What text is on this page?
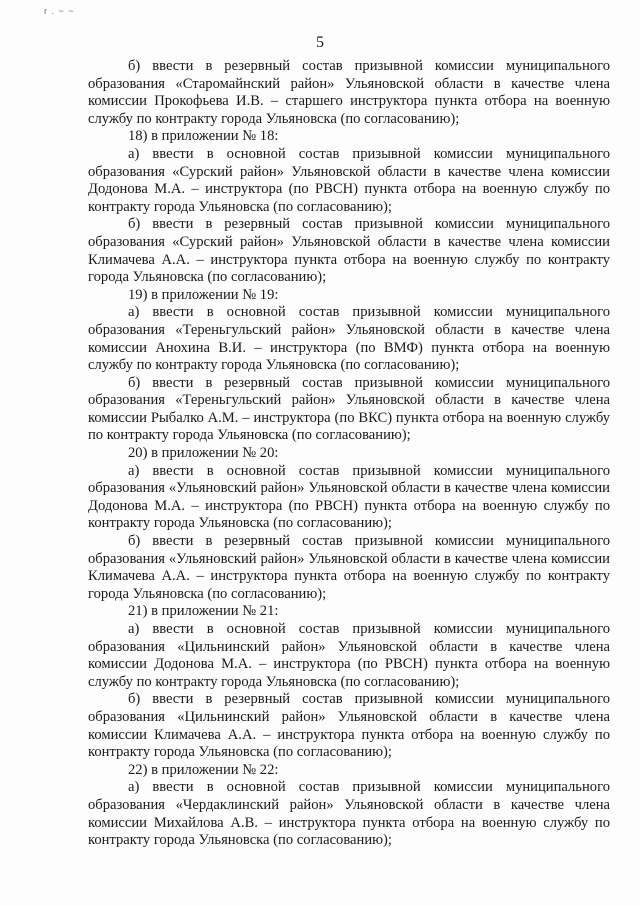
r . ~ ~
5

б) ввести в резервный состав призывной комиссии муниципального образования «Старомайнский район» Ульяновской области в качестве члена комиссии Прокофьева И.В. – старшего инструктора пункта отбора на военную службу по контракту города Ульяновска (по согласованию);

18) в приложении № 18:

а) ввести в основной состав призывной комиссии муниципального образования «Сурский район» Ульяновской области в качестве члена комиссии Додонова М.А. – инструктора (по РВСН) пункта отбора на военную службу по контракту города Ульяновска (по согласованию);

б) ввести в резервный состав призывной комиссии муниципального образования «Сурский район» Ульяновской области в качестве члена комиссии Климачева А.А. – инструктора пункта отбора на военную службу по контракту города Ульяновска (по согласованию);

19) в приложении № 19:

а) ввести в основной состав призывной комиссии муниципального образования «Тереньгульский район» Ульяновской области в качестве члена комиссии Анохина В.И. – инструктора (по ВМФ) пункта отбора на военную службу по контракту города Ульяновска (по согласованию);

б) ввести в резервный состав призывной комиссии муниципального образования «Тереньгульский район» Ульяновской области в качестве члена комиссии Рыбалко А.М. – инструктора (по ВКС) пункта отбора на военную службу по контракту города Ульяновска (по согласованию);

20) в приложении № 20:

а) ввести в основной состав призывной комиссии муниципального образования «Ульяновский район» Ульяновской области в качестве члена комиссии Додонова М.А. – инструктора (по РВСН) пункта отбора на военную службу по контракту города Ульяновска (по согласованию);

б) ввести в резервный состав призывной комиссии муниципального образования «Ульяновский район» Ульяновской области в качестве члена комиссии Климачева А.А. – инструктора пункта отбора на военную службу по контракту города Ульяновска (по согласованию);

21) в приложении № 21:

а) ввести в основной состав призывной комиссии муниципального образования «Цильнинский район» Ульяновской области в качестве члена комиссии Додонова М.А. – инструктора (по РВСН) пункта отбора на военную службу по контракту города Ульяновска (по согласованию);

б) ввести в резервный состав призывной комиссии муниципального образования «Цильнинский район» Ульяновской области в качестве члена комиссии Климачева А.А. – инструктора пункта отбора на военную службу по контракту города Ульяновска (по согласованию);

22) в приложении № 22:

а) ввести в основной состав призывной комиссии муниципального образования «Чердаклинский район» Ульяновской области в качестве члена комиссии Михайлова А.В. – инструктора пункта отбора на военную службу по контракту города Ульяновска (по согласованию);
